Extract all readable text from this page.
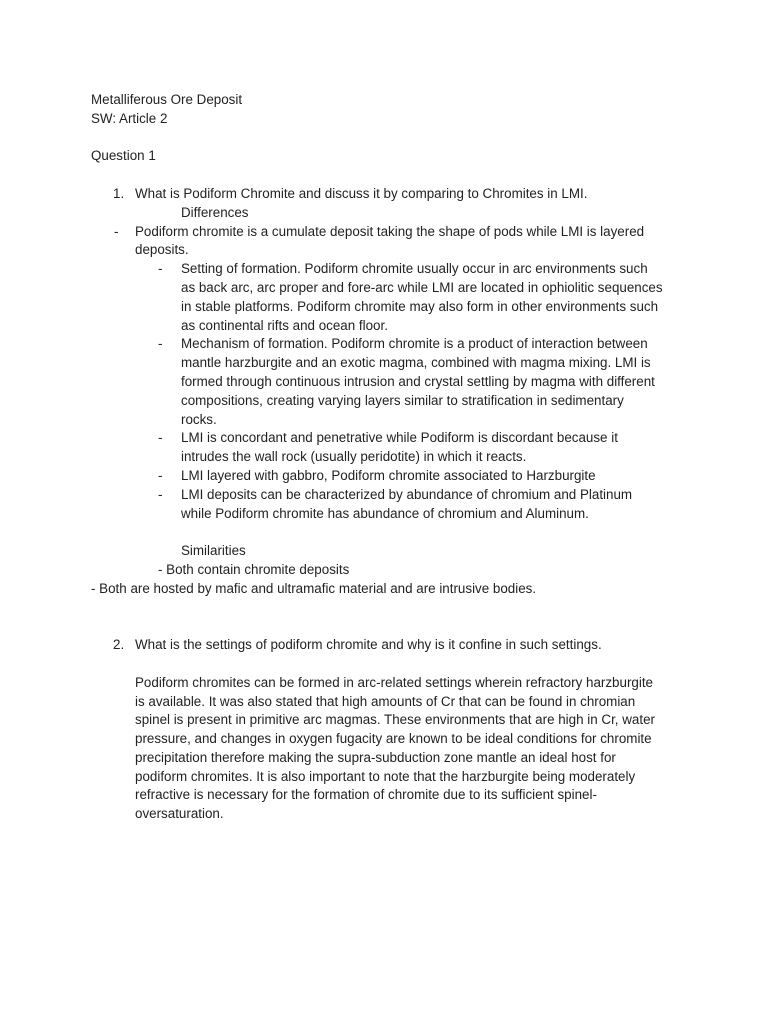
Metalliferous Ore Deposit
SW: Article 2
Question 1
1. What is Podiform Chromite and discuss it by comparing to Chromites in LMI.
Differences
- Podiform chromite is a cumulate deposit taking the shape of pods while LMI is layered
deposits.
- Setting of formation. Podiform chromite usually occur in arc environments such
as back arc, arc proper and fore-arc while LMI are located in ophiolitic sequences
in stable platforms. Podiform chromite may also form in other environments such
as continental rifts and ocean floor.
- Mechanism of formation. Podiform chromite is a product of interaction between
mantle harzburgite and an exotic magma, combined with magma mixing. LMI is
formed through continuous intrusion and crystal settling by magma with different
compositions, creating varying layers similar to stratification in sedimentary
rocks.
- LMI is concordant and penetrative while Podiform is discordant because it
intrudes the wall rock (usually peridotite) in which it reacts.
- LMI layered with gabbro, Podiform chromite associated to Harzburgite
- LMI deposits can be characterized by abundance of chromium and Platinum
while Podiform chromite has abundance of chromium and Aluminum.
Similarities
- Both contain chromite deposits
- Both are hosted by mafic and ultramafic material and are intrusive bodies.
2. What is the settings of podiform chromite and why is it confine in such settings.
Podiform chromites can be formed in arc-related settings wherein refractory harzburgite
is available. It was also stated that high amounts of Cr that can be found in chromian
spinel is present in primitive arc magmas. These environments that are high in Cr, water
pressure, and changes in oxygen fugacity are known to be ideal conditions for chromite
precipitation therefore making the supra-subduction zone mantle an ideal host for
podiform chromites. It is also important to note that the harzburgite being moderately
refractive is necessary for the formation of chromite due to its sufficient spinel-
oversaturation.
